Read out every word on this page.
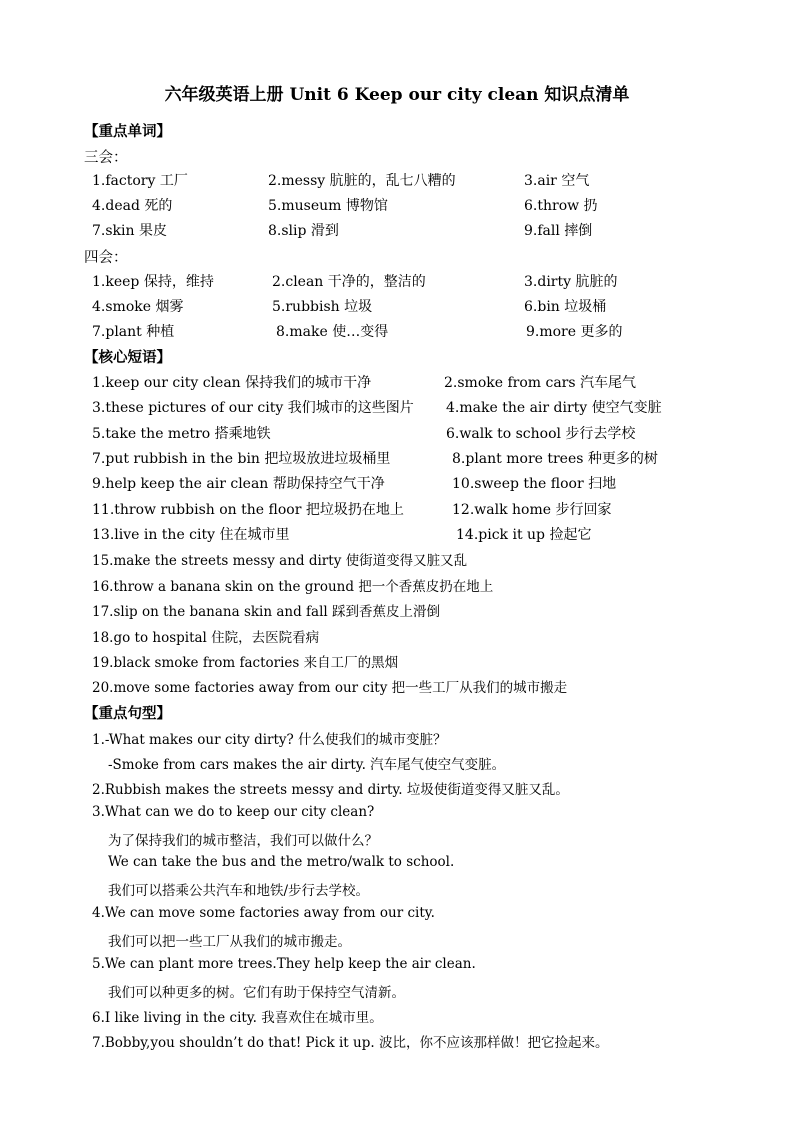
六年级英语上册 Unit 6 Keep our city clean 知识点清单
【重点单词】
三会：
1.factory 工厂	2.messy 肮脏的，乱七八糟的	3.air 空气
4.dead 死的	5.museum 博物馆	6.throw 扔
7.skin 果皮	8.slip 滑到	9.fall 摔倒
四会：
1.keep 保持，维持	2.clean 干净的，整洁的	3.dirty 肮脏的
4.smoke 烟雾	5.rubbish 垃圾	6.bin 垃圾桶
7.plant 种植	8.make 使…变得	9.more 更多的
【核心短语】
1.keep our city clean 保持我们的城市干净	2.smoke from cars 汽车尾气
3.these pictures of our city 我们城市的这些图片 4.make the air dirty 使空气变脏
5.take the metro 搭乘地铁	6.walk to school 步行去学校
7.put rubbish in the bin 把垃圾放进垃圾桶里	8.plant more trees 种更多的树
9.help keep the air clean 帮助保持空气干净	10.sweep the floor 扫地
11.throw rubbish on the floor 把垃圾扔在地上	12.walk home 步行回家
13.live in the city 住在城市里	14.pick it up 捡起它
15.make the streets messy and dirty 使街道变得又脏又乱
16.throw a banana skin on the ground 把一个香蕉皮扔在地上
17.slip on the banana skin and fall 踩到香蕉皮上滑倒
18.go to hospital 住院，去医院看病
19.black smoke from factories 来自工厂的黑烟
20.move some factories away from our city 把一些工厂从我们的城市搬走
【重点句型】
1.-What makes our city dirty? 什么使我们的城市变脏？
-Smoke from cars makes the air dirty. 汽车尾气使空气变脏。
2.Rubbish makes the streets messy and dirty. 垃圾使街道变得又脏又乱。
3.What can we do to keep our city clean?
为了保持我们的城市整洁，我们可以做什么？
We can take the bus and the metro/walk to school.
我们可以搭乘公共汽车和地铁/步行去学校。
4.We can move some factories away from our city.
我们可以把一些工厂从我们的城市搬走。
5.We can plant more trees.They help keep the air clean.
我们可以种更多的树。它们有助于保持空气清新。
6.I like living in the city. 我喜欢住在城市里。
7.Bobby,you shouldn’t do that! Pick it up. 波比，你不应该那样做！把它捡起来。
